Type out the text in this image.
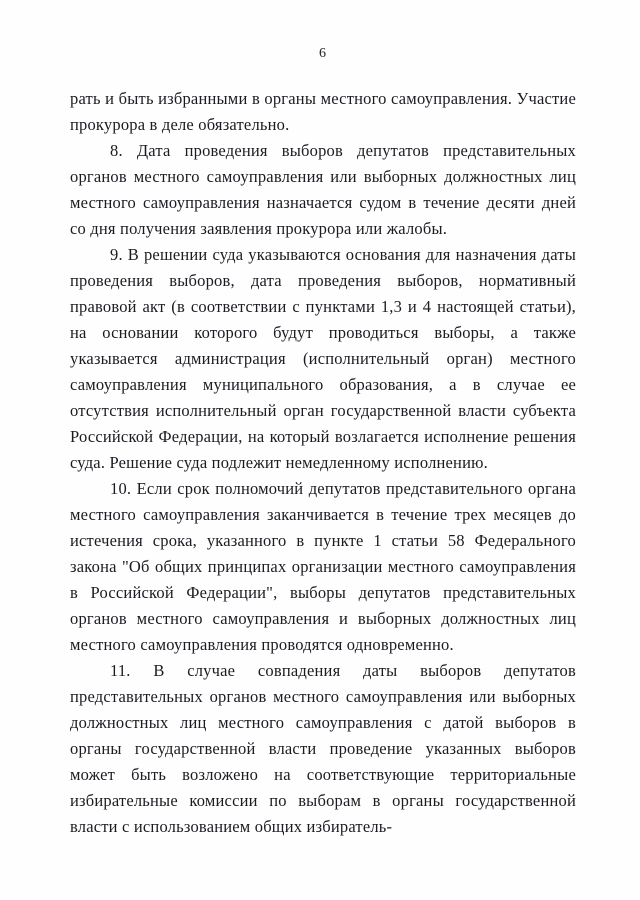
6

рать и быть избранными в органы местного самоуправления. Участие прокурора в деле обязательно.

8. Дата проведения выборов депутатов представительных органов местного самоуправления или выборных должностных лиц местного самоуправления назначается судом в течение десяти дней со дня получения заявления прокурора или жалобы.

9. В решении суда указываются основания для назначения даты проведения выборов, дата проведения выборов, нормативный правовой акт (в соответствии с пунктами 1,3 и 4 настоящей статьи), на основании которого будут проводиться выборы, а также указывается администрация (исполнительный орган) местного самоуправления муниципального образования, а в случае ее отсутствия исполнительный орган государственной власти субъекта Российской Федерации, на который возлагается исполнение решения суда. Решение суда подлежит немедленному исполнению.

10. Если срок полномочий депутатов представительного органа местного самоуправления заканчивается в течение трех месяцев до истечения срока, указанного в пункте 1 статьи 58 Федерального закона "Об общих принципах организации местного самоуправления в Российской Федерации", выборы депутатов представительных органов местного самоуправления и выборных должностных лиц местного самоуправления проводятся одновременно.

11. В случае совпадения даты выборов депутатов представительных органов местного самоуправления или выборных должностных лиц местного самоуправления с датой выборов в органы государственной власти проведение указанных выборов может быть возложено на соответствующие территориальные избирательные комиссии по выборам в органы государственной власти с использованием общих избиратель-
